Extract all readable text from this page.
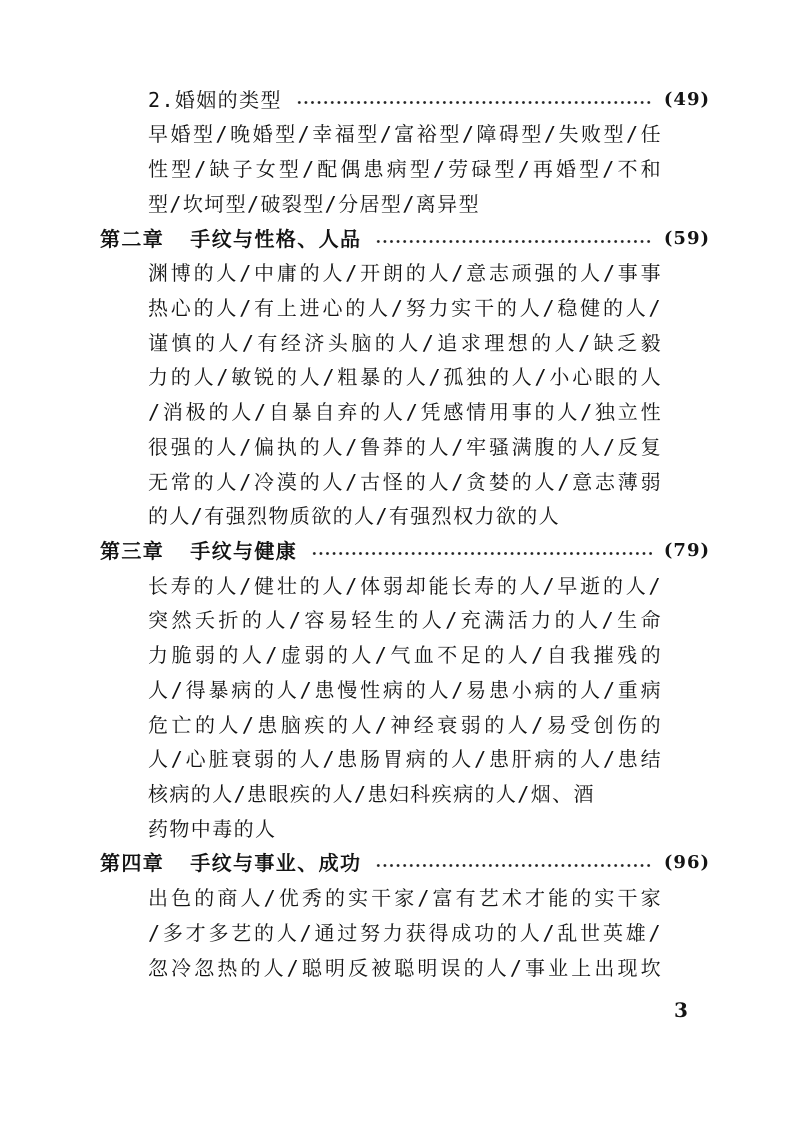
2.婚姻的类型	(49)
早婚型/晚婚型/幸福型/富裕型/障碍型/失败型/任
性型/缺子女型/配偶患病型/劳碌型/再婚型/不和
型/坎坷型/破裂型/分居型/离异型
第二章 手纹与性格、人品	(59)
渊博的人/中庸的人/开朗的人/意志顽强的人/事事
热心的人/有上进心的人/努力实干的人/稳健的人/
谨慎的人/有经济头脑的人/追求理想的人/缺乏毅
力的人/敏锐的人/粗暴的人/孤独的人/小心眼的人
/消极的人/自暴自弃的人/凭感情用事的人/独立性
很强的人/偏执的人/鲁莽的人/牢骚满腹的人/反复
无常的人/冷漠的人/古怪的人/贪婪的人/意志薄弱
的人/有强烈物质欲的人/有强烈权力欲的人
第三章 手纹与健康	(79)
长寿的人/健壮的人/体弱却能长寿的人/早逝的人/
突然夭折的人/容易轻生的人/充满活力的人/生命
力脆弱的人/虚弱的人/气血不足的人/自我摧残的
人/得暴病的人/患慢性病的人/易患小病的人/重病
危亡的人/患脑疾的人/神经衰弱的人/易受创伤的
人/心脏衰弱的人/患肠胃病的人/患肝病的人/患结
核病的人/患眼疾的人/患妇科疾病的人/烟、酒
药物中毒的人
第四章 手纹与事业、成功	(96)
出色的商人/优秀的实干家/富有艺术才能的实干家
/多才多艺的人/通过努力获得成功的人/乱世英雄/
忽冷忽热的人/聪明反被聪明误的人/事业上出现坎
3
